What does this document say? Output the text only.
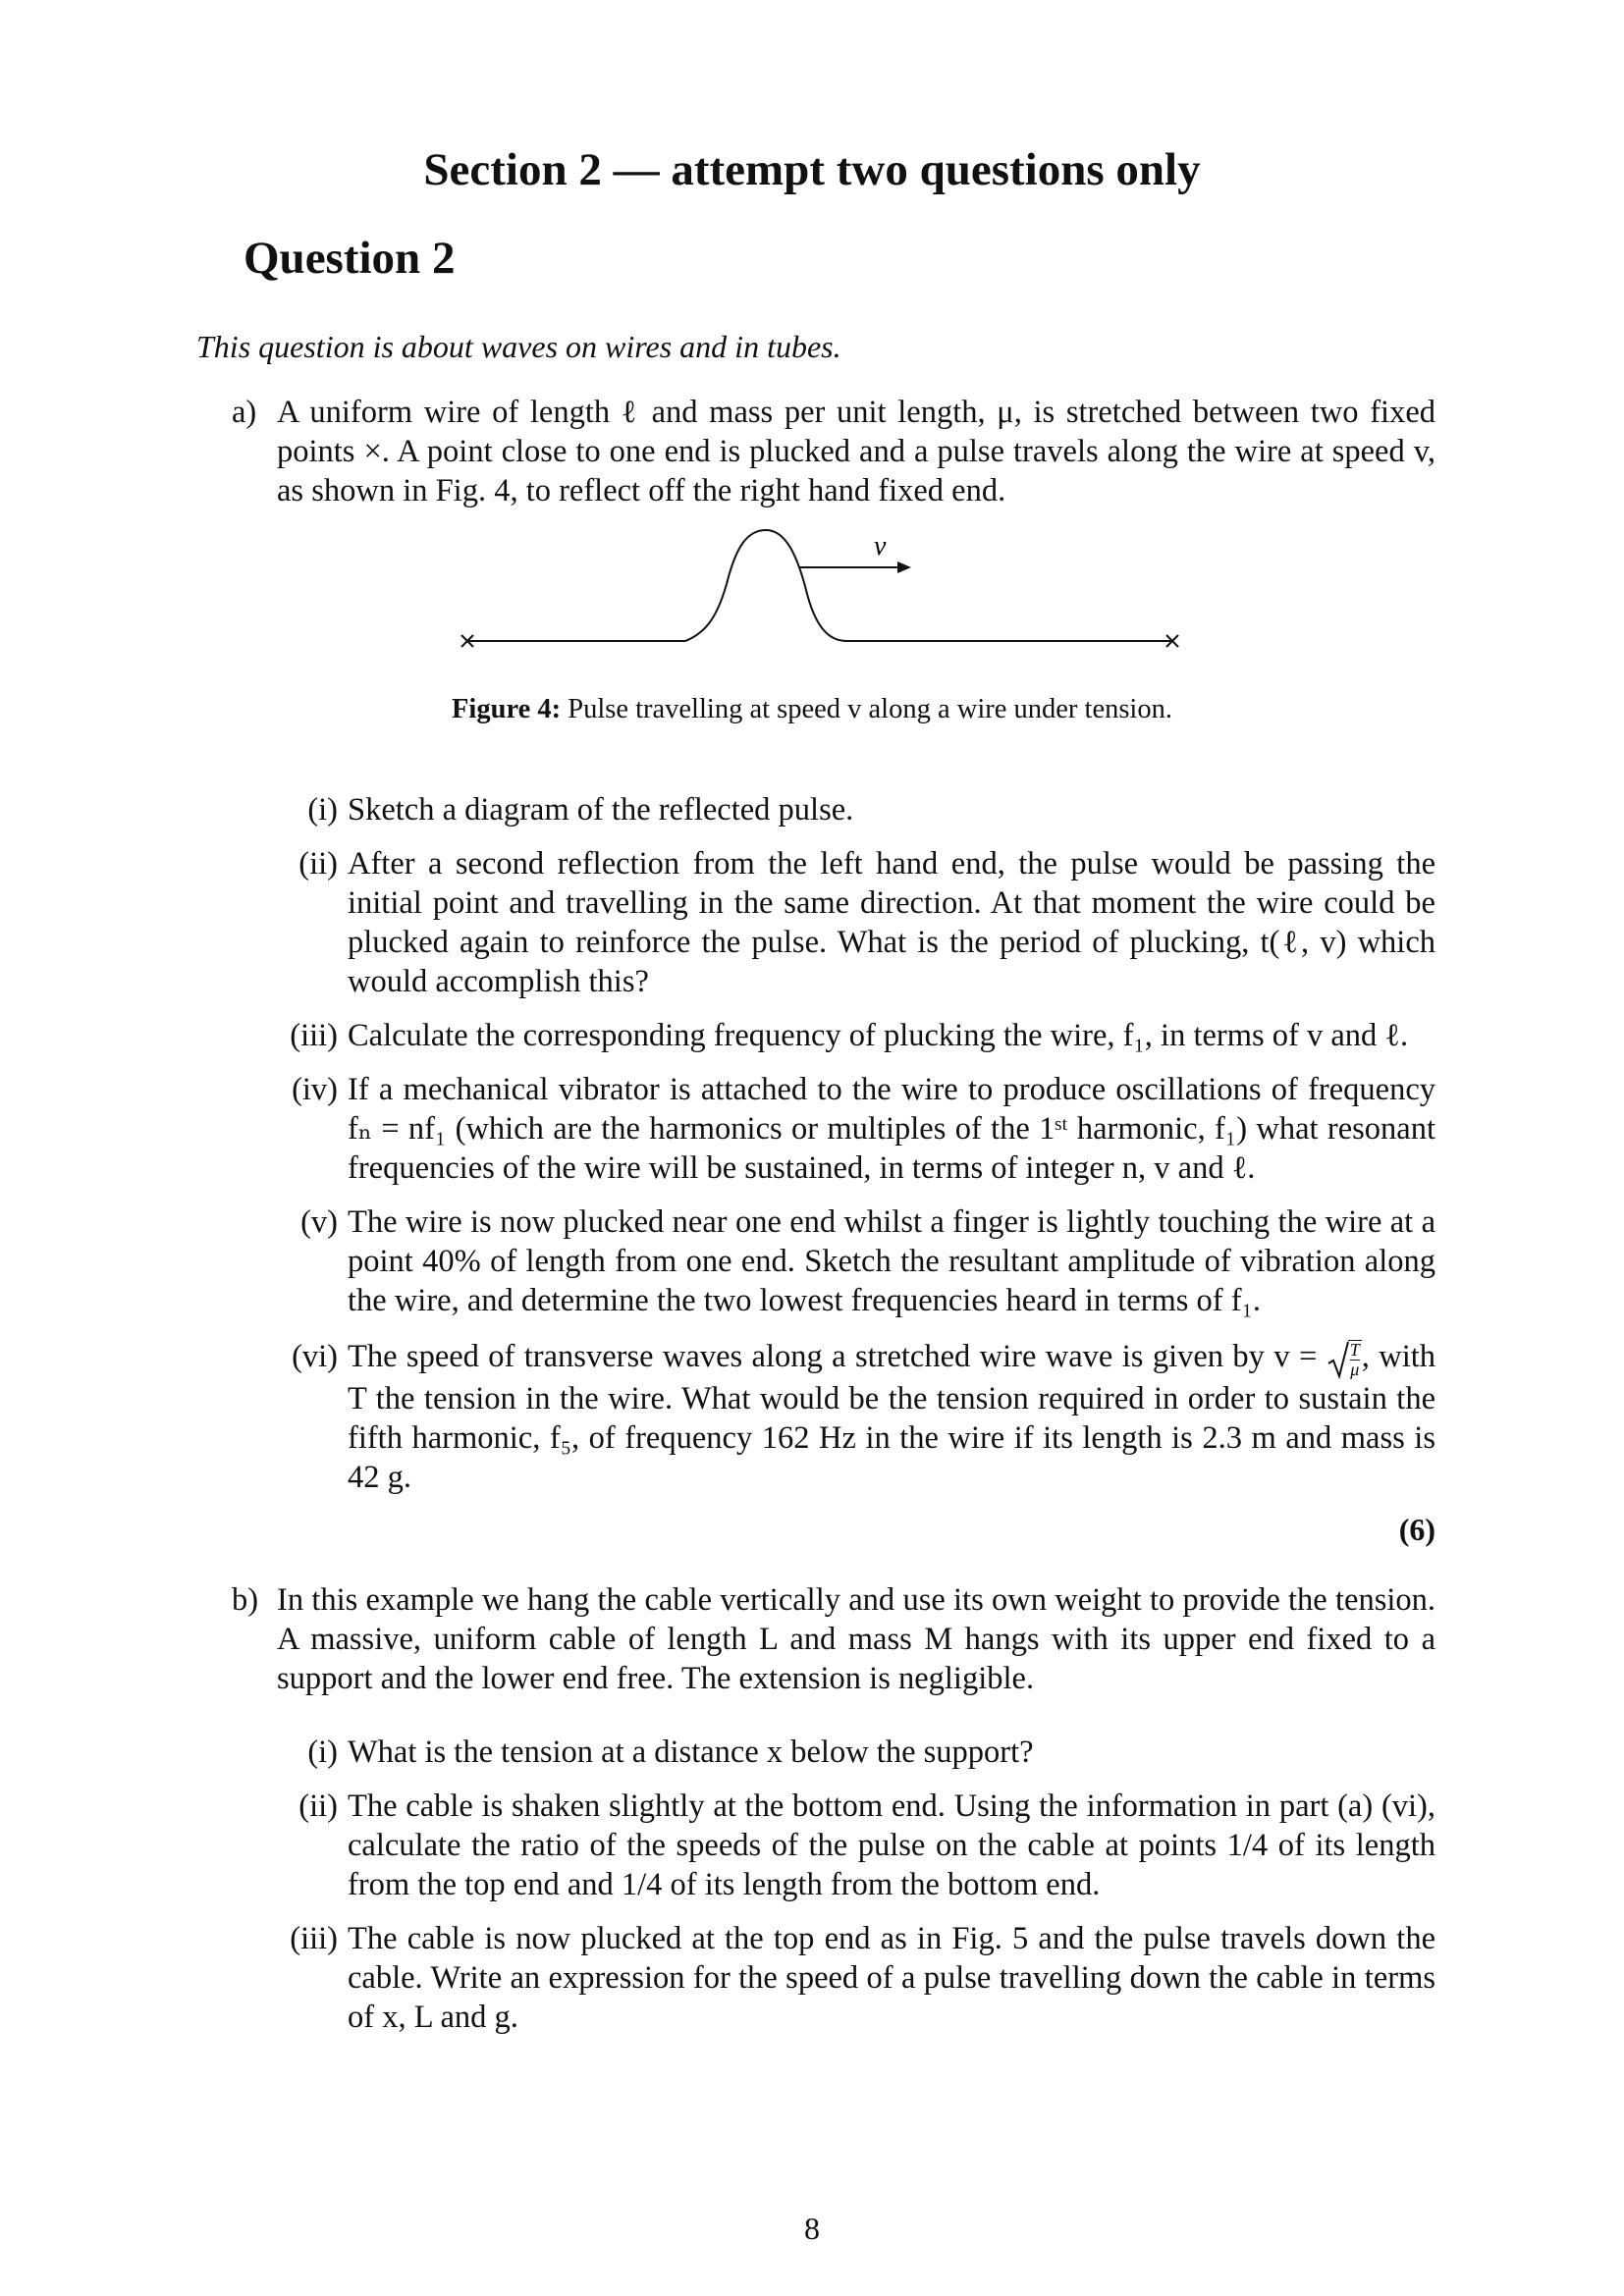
Section 2 — attempt two questions only
Question 2
This question is about waves on wires and in tubes.
a) A uniform wire of length ℓ and mass per unit length, μ, is stretched between two fixed points ×. A point close to one end is plucked and a pulse travels along the wire at speed v, as shown in Fig. 4, to reflect off the right hand fixed end.
v
Figure 4: Pulse travelling at speed v along a wire under tension.
(i) Sketch a diagram of the reflected pulse.
(ii) After a second reflection from the left hand end, the pulse would be passing the initial point and travelling in the same direction. At that moment the wire could be plucked again to reinforce the pulse. What is the period of plucking, t(ℓ, v) which would accomplish this?
(iii) Calculate the corresponding frequency of plucking the wire, f₁, in terms of v and ℓ.
(iv) If a mechanical vibrator is attached to the wire to produce oscillations of frequency fₙ = nf₁ (which are the harmonics or multiples of the 1ˢᵗ harmonic, f₁) what resonant frequencies of the wire will be sustained, in terms of integer n, v and ℓ.
(v) The wire is now plucked near one end whilst a finger is lightly touching the wire at a point 40% of length from one end. Sketch the resultant amplitude of vibration along the wire, and determine the two lowest frequencies heard in terms of f₁.
(vi) The speed of transverse waves along a stretched wire wave is given by $v = \frac{T}{\mu}$ , with T the tension in the wire. What would be the tension required in order to sustain the fifth harmonic, f₅, of frequency 162 Hz in the wire if its length is 2.3 m and mass is 42 g.
(6)
b) In this example we hang the cable vertically and use its own weight to provide the tension. A massive, uniform cable of length L and mass M hangs with its upper end fixed to a support and the lower end free. The extension is negligible.
(i) What is the tension at a distance x below the support?
(ii) The cable is shaken slightly at the bottom end. Using the information in part (a) (vi), calculate the ratio of the speeds of the pulse on the cable at points 1/4 of its length from the top end and 1/4 of its length from the bottom end.
(iii) The cable is now plucked at the top end as in Fig. 5 and the pulse travels down the cable. Write an expression for the speed of a pulse travelling down the cable in terms of x, L and g.
8
